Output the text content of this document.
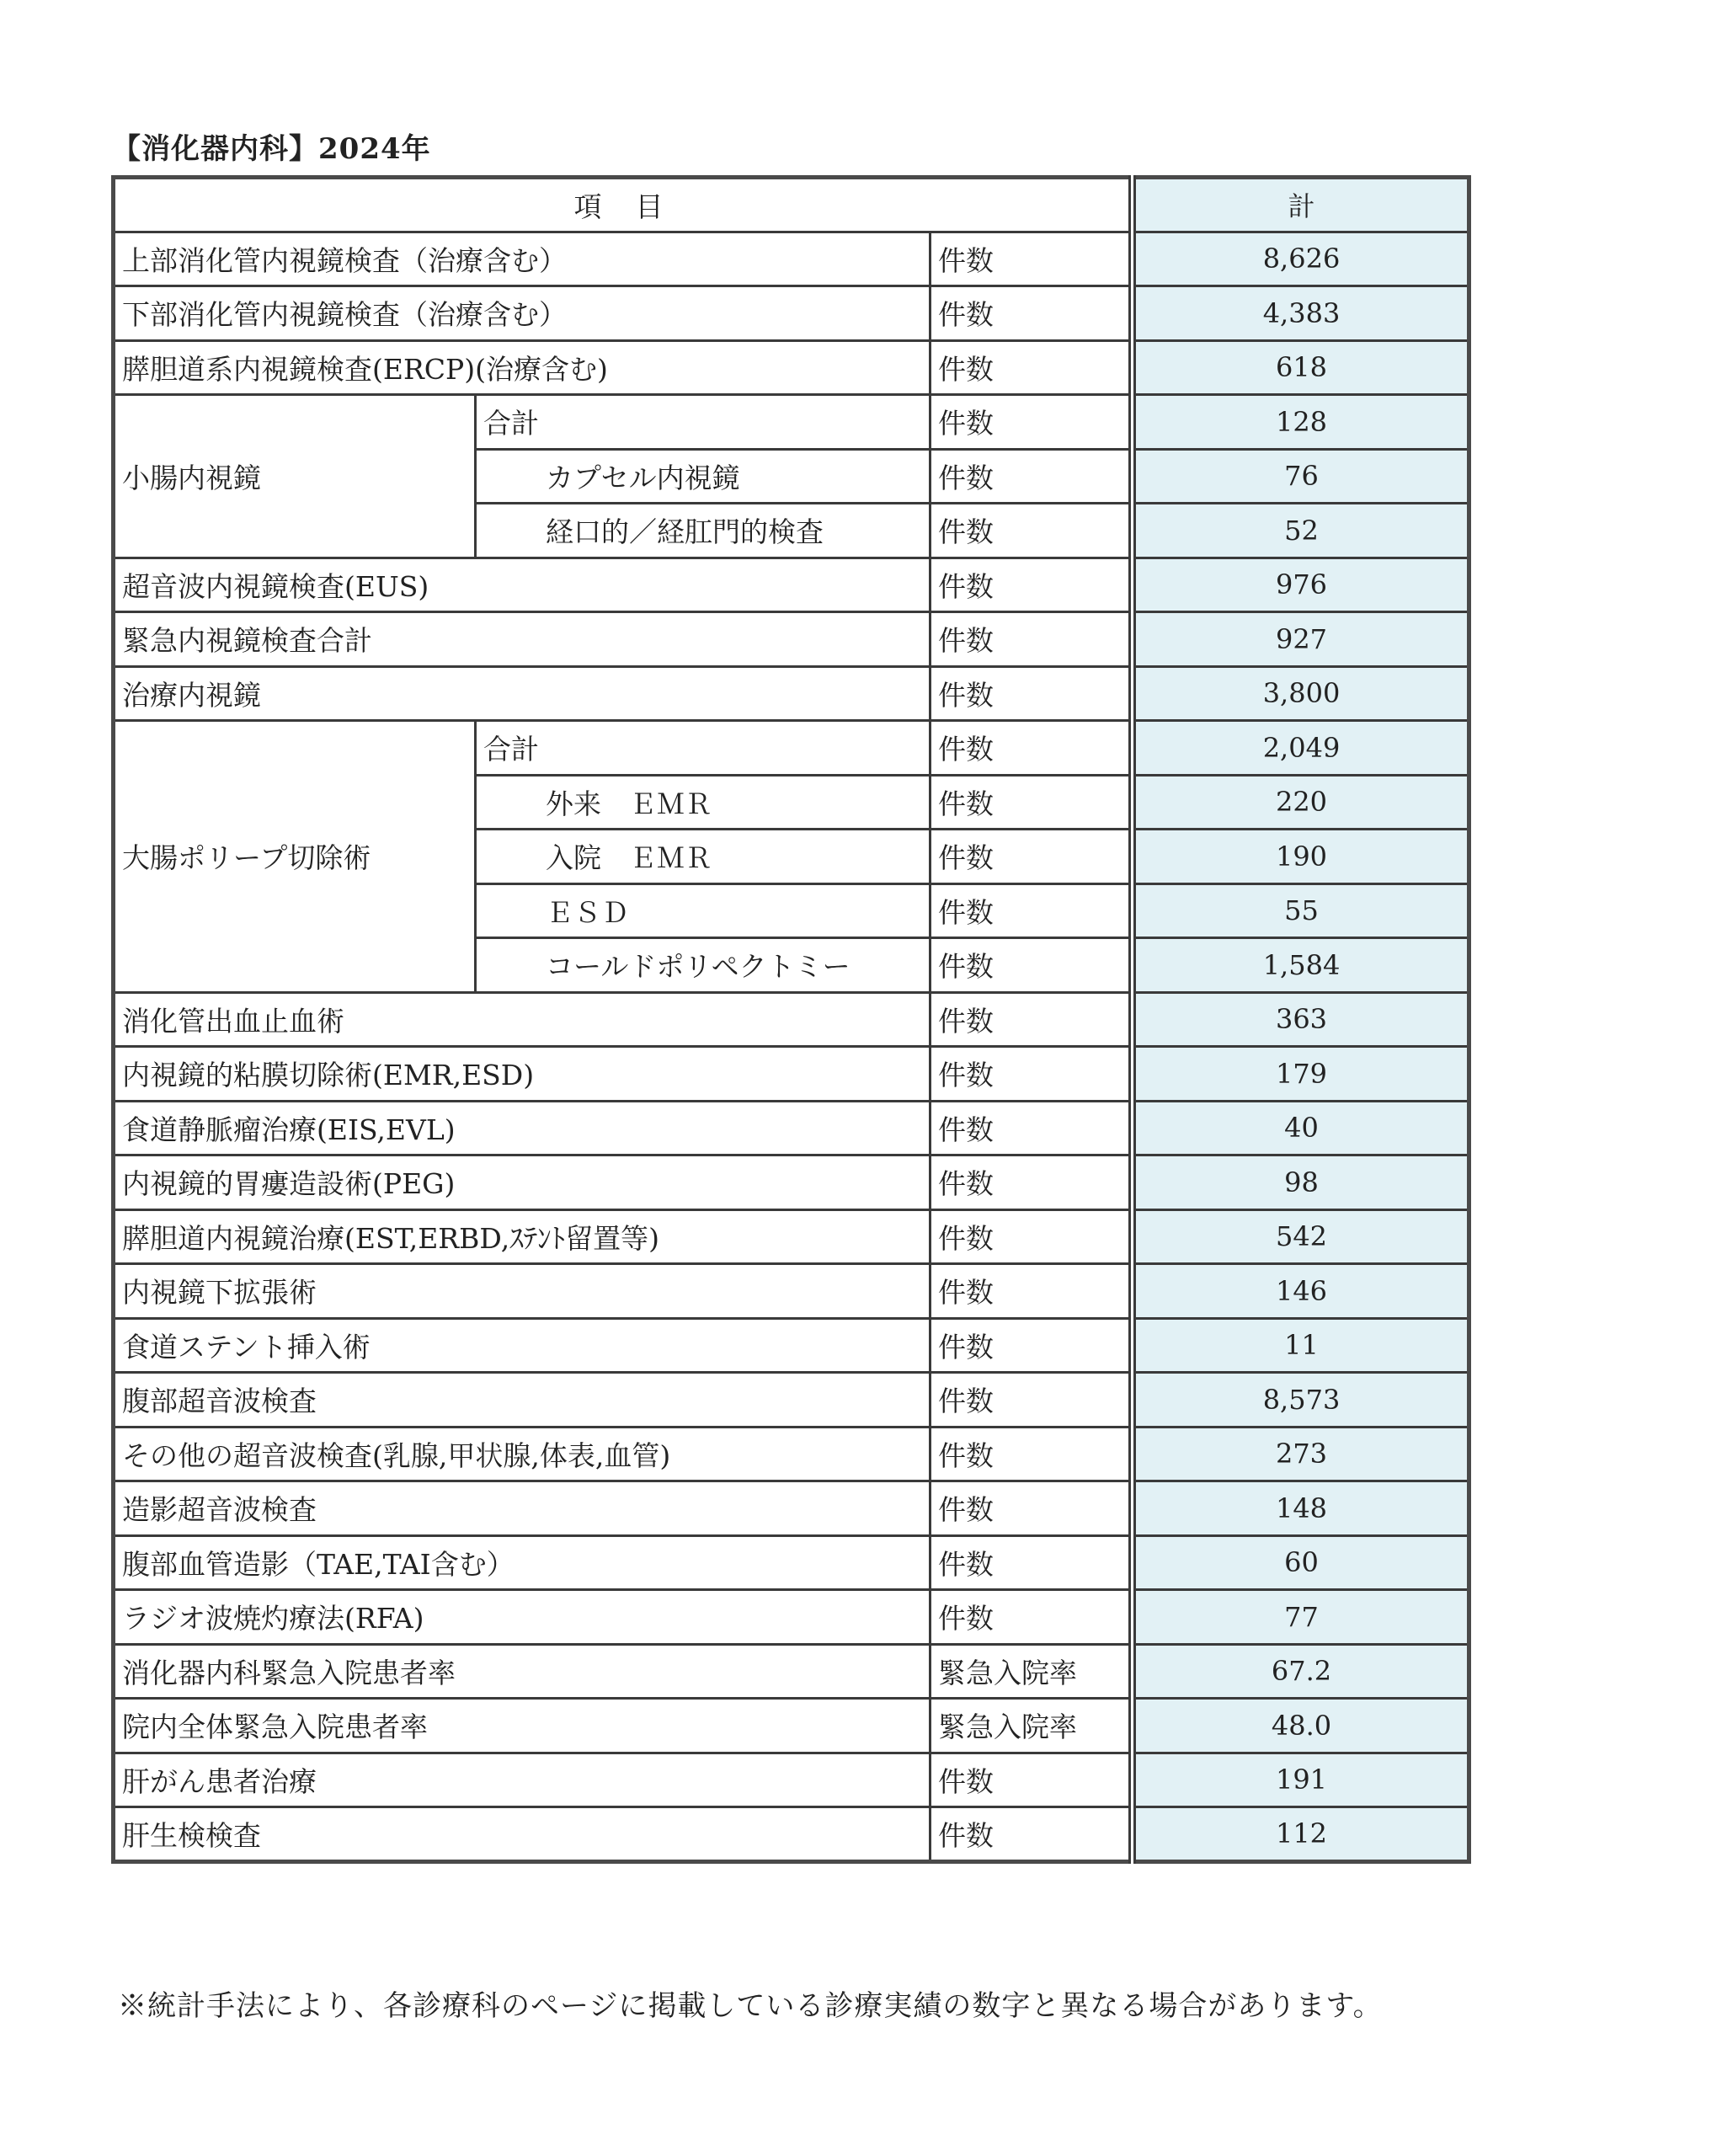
【消化器内科】2024年
項目			計
上部消化管内視鏡検査（治療含む）		件数	8,626
下部消化管内視鏡検査（治療含む）		件数	4,383
膵胆道系内視鏡検査(ERCP)(治療含む)		件数	618
小腸内視鏡	合計	件数	128
	カプセル内視鏡	件数	76
	経口的／経肛門的検査	件数	52
超音波内視鏡検査(EUS)		件数	976
緊急内視鏡検査合計		件数	927
治療内視鏡		件数	3,800
大腸ポリープ切除術	合計	件数	2,049
	外来　ＥＭＲ	件数	220
	入院　ＥＭＲ	件数	190
	ＥＳＤ	件数	55
	コールドポリペクトミー	件数	1,584
消化管出血止血術		件数	363
内視鏡的粘膜切除術(EMR,ESD)		件数	179
食道静脈瘤治療(EIS,EVL)		件数	40
内視鏡的胃瘻造設術(PEG)		件数	98
膵胆道内視鏡治療(EST,ERBD,ｽﾃﾝﾄ留置等)		件数	542
内視鏡下拡張術		件数	146
食道ステント挿入術		件数	11
腹部超音波検査		件数	8,573
その他の超音波検査(乳腺,甲状腺,体表,血管)		件数	273
造影超音波検査		件数	148
腹部血管造影（TAE,TAI含む）		件数	60
ラジオ波焼灼療法(RFA)		件数	77
消化器内科緊急入院患者率		緊急入院率	67.2
院内全体緊急入院患者率		緊急入院率	48.0
肝がん患者治療		件数	191
肝生検検査		件数	112
※統計手法により、各診療科のページに掲載している診療実績の数字と異なる場合があります。
